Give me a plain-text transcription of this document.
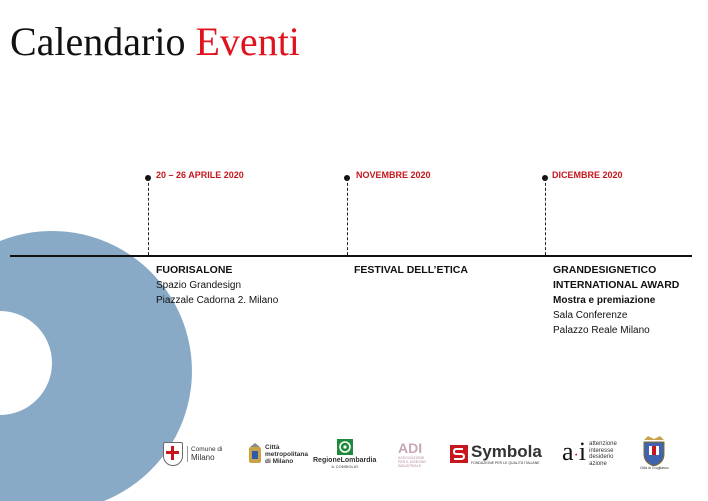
Calendario Eventi
20 – 26 APRILE 2020
FUORISALONE
Spazio Grandesign
Piazzale Cadorna 2. Milano
NOVEMBRE 2020
FESTIVAL DELL’ETICA
DICEMBRE 2020
GRANDESIGNETICO
INTERNATIONAL AWARD
Mostra e premiazione
Sala Conferenze
Palazzo Reale Milano
Comune di
Milano
Città
metropolitana
di Milano	RegioneLombardia
IL CONSIGLIO
ADI
ASSOCIAZIONE PER IL DISEGNO INDUSTRIALE
Symbola
FONDAZIONE PER LE QUALITÀ ITALIANE a·i attenzione
interesse
desiderio
azione
Città di Grugliasco
